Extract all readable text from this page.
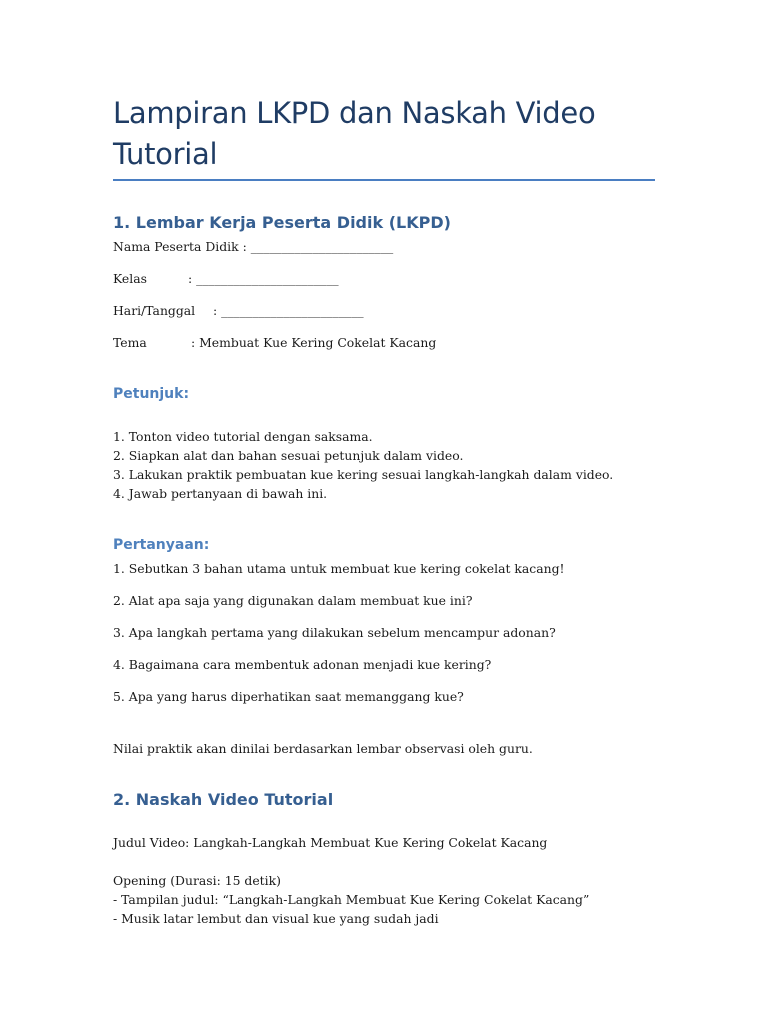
Lampiran LKPD dan Naskah Video Tutorial
1. Lembar Kerja Peserta Didik (LKPD)
Nama Peserta Didik : _______________________
Kelas	: _______________________
Hari/Tanggal : _______________________
Tema	: Membuat Kue Kering Cokelat Kacang
Petunjuk:
1. Tonton video tutorial dengan saksama.
2. Siapkan alat dan bahan sesuai petunjuk dalam video.
3. Lakukan praktik pembuatan kue kering sesuai langkah-langkah dalam video.
4. Jawab pertanyaan di bawah ini.
Pertanyaan:
1. Sebutkan 3 bahan utama untuk membuat kue kering cokelat kacang!
2. Alat apa saja yang digunakan dalam membuat kue ini?
3. Apa langkah pertama yang dilakukan sebelum mencampur adonan?
4. Bagaimana cara membentuk adonan menjadi kue kering?
5. Apa yang harus diperhatikan saat memanggang kue?
Nilai praktik akan dinilai berdasarkan lembar observasi oleh guru.
2. Naskah Video Tutorial
Judul Video: Langkah-Langkah Membuat Kue Kering Cokelat Kacang
Opening (Durasi: 15 detik)
- Tampilan judul: “Langkah-Langkah Membuat Kue Kering Cokelat Kacang”
- Musik latar lembut dan visual kue yang sudah jadi
